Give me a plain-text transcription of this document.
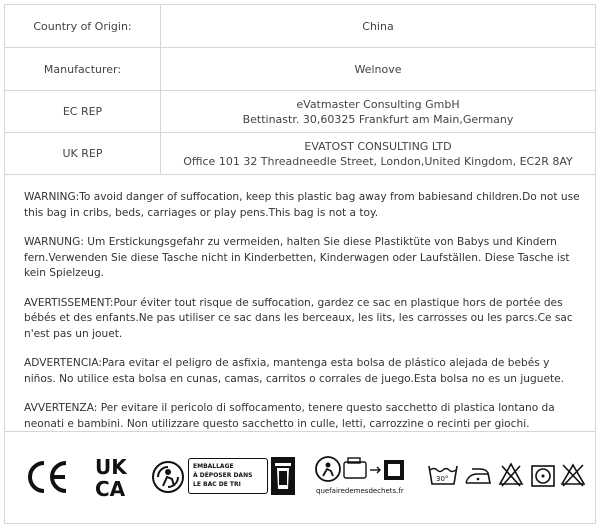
Country of Origin:	China
Manufacturer:	Welnove
EC REP	eVatmaster Consulting GmbH
Bettinastr. 30,60325 Frankfurt am Main,Germany

UK REP	EVATOST CONSULTING LTD
Office 101 32 Threadneedle Street, London,United Kingdom, EC2R 8AY

WARNING:To avoid danger of suffocation, keep this plastic bag away from babiesand children.Do not use this bag in cribs, beds, carriages or play pens.This bag is not a toy.

WARNUNG: Um Erstickungsgefahr zu vermeiden, halten Sie diese Plastiktüte von Babys und Kindern fern.Verwenden Sie diese Tasche nicht in Kinderbetten, Kinderwagen oder Laufställen. Diese Tasche ist kein Spielzeug.

AVERTISSEMENT:Pour éviter tout risque de suffocation, gardez ce sac en plastique hors de portée des bébés et des enfants.Ne pas utiliser ce sac dans les berceaux, les lits, les carrosses ou les parcs.Ce sac n'est pas un jouet.

ADVERTENCIA:Para evitar el peligro de asfixia, mantenga esta bolsa de plástico alejada de bebés y niños. No utilice esta bolsa en cunas, camas, carritos o corrales de juego.Esta bolsa no es un juguete.

AVVERTENZA: Per evitare il pericolo di soffocamento, tenere questo sacchetto di plastica lontano da neonati e bambini. Non utilizzare questo sacchetto in culle, letti, carrozzine o recinti per giochi.

UK
CA
EMBALLAGE
À DÉPOSER DANS
LE BAC DE TRI
quefairedemesdechets.fr
30°
